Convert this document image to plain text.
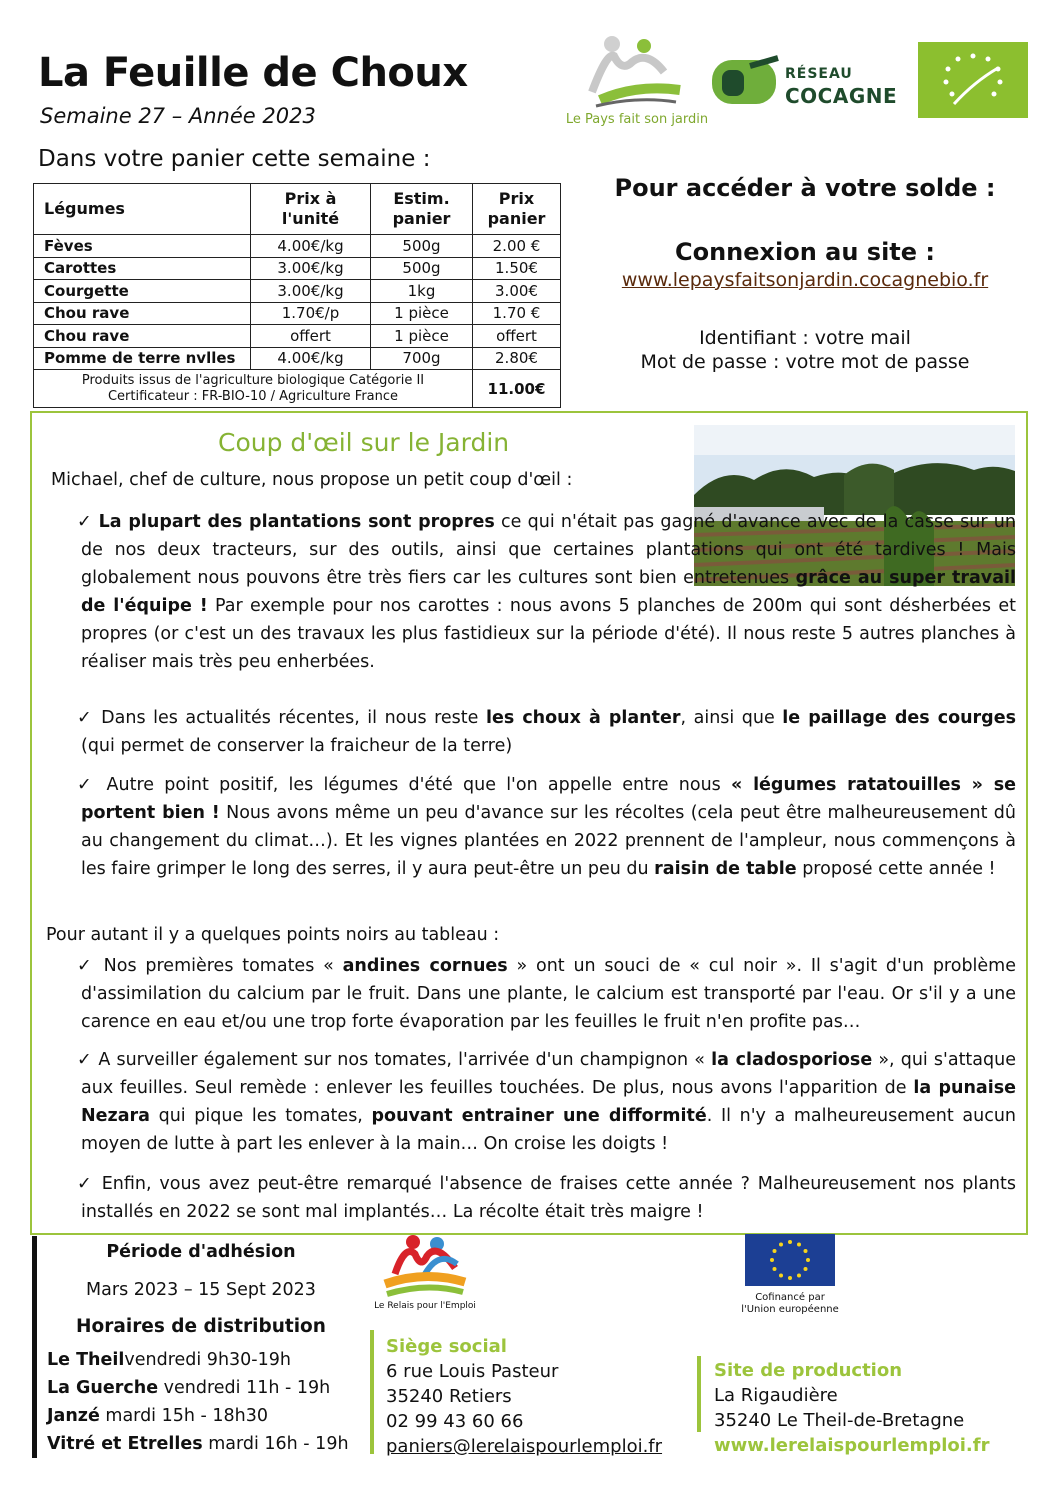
La Feuille de Choux
Semaine 27 – Année 2023
Dans votre panier cette semaine :
Le Pays fait son jardin
RÉSEAU
COCAGNE
Légumes	Prix à l'unité	Estim. panier	Prix panier
Fèves	4.00€/kg	500g	2.00 €
Carottes	3.00€/kg	500g	1.50€
Courgette	3.00€/kg	1kg	3.00€
Chou rave	1.70€/p	1 pièce	1.70 €
Chou rave	offert	1 pièce	offert
Pomme de terre nvlles	4.00€/kg	700g	2.80€
Produits issus de l'agriculture biologique Catégorie II
Certificateur : FR-BIO-10 / Agriculture France			11.00€
Pour accéder à votre solde :
Connexion au site :
www.lepaysfaitsonjardin.cocagnebio.fr
Identifiant : votre mail
Mot de passe : votre mot de passe
Coup d'œil sur le Jardin
Michael, chef de culture, nous propose un petit coup d'œil :
✓ La plupart des plantations sont propres ce qui n'était pas gagné d'avance avec de la casse sur un de nos deux tracteurs, sur des outils, ainsi que certaines plantations qui ont été tardives ! Mais globalement nous pouvons être très fiers car les cultures sont bien entretenues grâce au super travail de l'équipe ! Par exemple pour nos carottes : nous avons 5 planches de 200m qui sont désherbées et propres (or c'est un des travaux les plus fastidieux sur la période d'été). Il nous reste 5 autres planches à réaliser mais très peu enherbées.
✓ Dans les actualités récentes, il nous reste les choux à planter, ainsi que le paillage des courges (qui permet de conserver la fraicheur de la terre)
✓ Autre point positif, les légumes d'été que l'on appelle entre nous « légumes ratatouilles » se portent bien ! Nous avons même un peu d'avance sur les récoltes (cela peut être malheureusement dû au changement du climat…). Et les vignes plantées en 2022 prennent de l'ampleur, nous commençons à les faire grimper le long des serres, il y aura peut-être un peu du raisin de table proposé cette année !
Pour autant il y a quelques points noirs au tableau :
✓ Nos premières tomates « andines cornues » ont un souci de « cul noir ». Il s'agit d'un problème d'assimilation du calcium par le fruit. Dans une plante, le calcium est transporté par l'eau. Or s'il y a une carence en eau et/ou une trop forte évaporation par les feuilles le fruit n'en profite pas…
✓ A surveiller également sur nos tomates, l'arrivée d'un champignon « la cladosporiose », qui s'attaque aux feuilles. Seul remède : enlever les feuilles touchées. De plus, nous avons l'apparition de la punaise Nezara qui pique les tomates, pouvant entrainer une difformité. Il n'y a malheureusement aucun moyen de lutte à part les enlever à la main… On croise les doigts !
✓ Enfin, vous avez peut-être remarqué l'absence de fraises cette année ? Malheureusement nos plants installés en 2022 se sont mal implantés… La récolte était très maigre !
Période d'adhésion
Mars 2023 – 15 Sept 2023
Horaires de distribution
Le Theilvendredi 9h30-19h
La Guerche vendredi 11h - 19h
Janzé mardi 15h - 18h30
Vitré et Etrelles mardi 16h - 19h
Le Relais pour l'Emploi
Cofinancé par
l'Union européenne
Siège social
6 rue Louis Pasteur
35240 Retiers
02 99 43 60 66
paniers@lerelaispourlemploi.fr
Site de production
La Rigaudière
35240 Le Theil-de-Bretagne
www.lerelaispourlemploi.fr
